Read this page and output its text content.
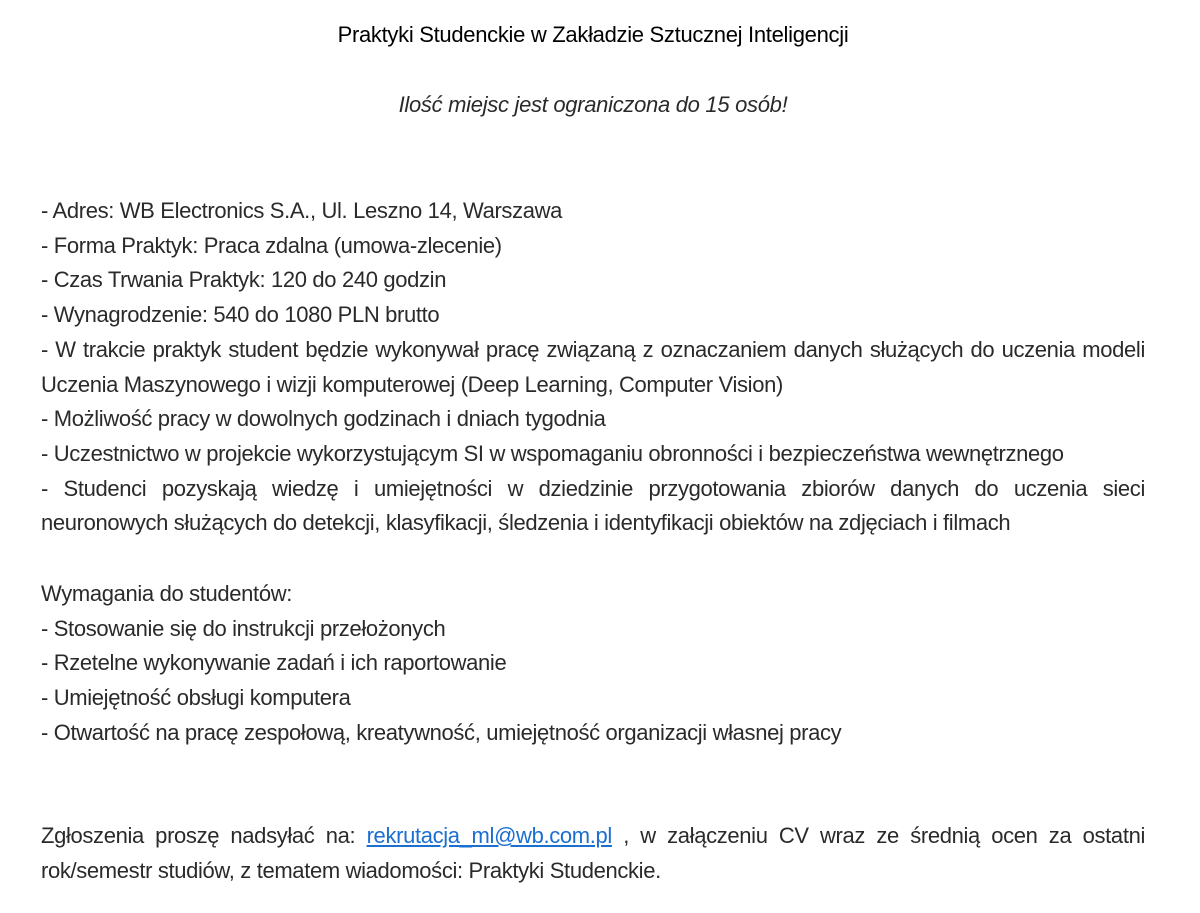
Praktyki Studenckie w Zakładzie Sztucznej Inteligencji
Ilość miejsc jest ograniczona do 15 osób!
- Adres: WB Electronics S.A., Ul. Leszno 14, Warszawa
- Forma Praktyk: Praca zdalna (umowa-zlecenie)
- Czas Trwania Praktyk: 120 do 240 godzin
- Wynagrodzenie: 540 do 1080 PLN brutto
- W trakcie praktyk student będzie wykonywał pracę związaną z oznaczaniem danych służących do uczenia modeli Uczenia Maszynowego i wizji komputerowej (Deep Learning, Computer Vision)
- Możliwość pracy w dowolnych godzinach i dniach tygodnia
- Uczestnictwo w projekcie wykorzystującym SI w wspomaganiu obronności i bezpieczeństwa wewnętrznego
- Studenci pozyskają wiedzę i umiejętności w dziedzinie przygotowania zbiorów danych do uczenia sieci neuronowych służących do detekcji, klasyfikacji, śledzenia i identyfikacji obiektów na zdjęciach i filmach
Wymagania do studentów:
- Stosowanie się do instrukcji przełożonych
- Rzetelne wykonywanie zadań i ich raportowanie
- Umiejętność obsługi komputera
- Otwartość na pracę zespołową, kreatywność, umiejętność organizacji własnej pracy
Zgłoszenia proszę nadsyłać na: rekrutacja_ml@wb.com.pl , w załączeniu CV wraz ze średnią ocen za ostatni rok/semestr studiów, z tematem wiadomości: Praktyki Studenckie.
